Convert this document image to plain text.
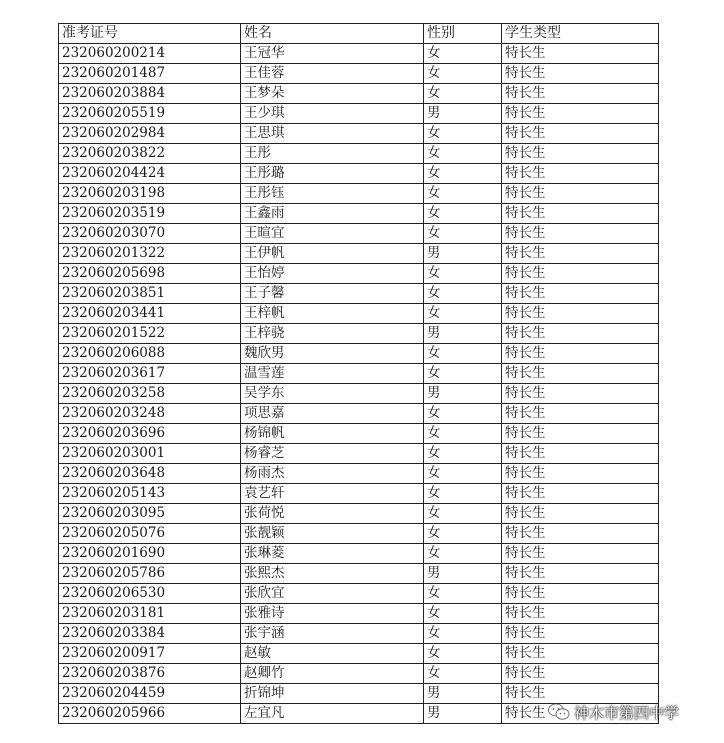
准考证号	姓名	性别	学生类型
232060200214	王冠华	女	特长生
232060201487	王佳蓉	女	特长生
232060203884	王梦朵	女	特长生
232060205519	王少琪	男	特长生
232060202984	王思琪	女	特长生
232060203822	王彤	女	特长生
232060204424	王彤璐	女	特长生
232060203198	王彤钰	女	特长生
232060203519	王鑫雨	女	特长生
232060203070	王暄宜	女	特长生
232060201322	王伊帆	男	特长生
232060205698	王怡婷	女	特长生
232060203851	王子馨	女	特长生
232060203441	王梓帆	女	特长生
232060201522	王梓骁	男	特长生
232060206088	魏欣男	女	特长生
232060203617	温雪莲	女	特长生
232060203258	吴学东	男	特长生
232060203248	项思嘉	女	特长生
232060203696	杨锦帆	女	特长生
232060203001	杨睿芝	女	特长生
232060203648	杨雨杰	女	特长生
232060205143	袁艺轩	女	特长生
232060203095	张荷悦	女	特长生
232060205076	张靓颖	女	特长生
232060201690	张琳菱	女	特长生
232060205786	张熙杰	男	特长生
232060206530	张欣宜	女	特长生
232060203181	张雅诗	女	特长生
232060203384	张宇涵	女	特长生
232060200917	赵敏	女	特长生
232060203876	赵卿竹	女	特长生
232060204459	折锦坤	男	特长生
232060205966	左宜凡	男	特长生 神木市第四中学
